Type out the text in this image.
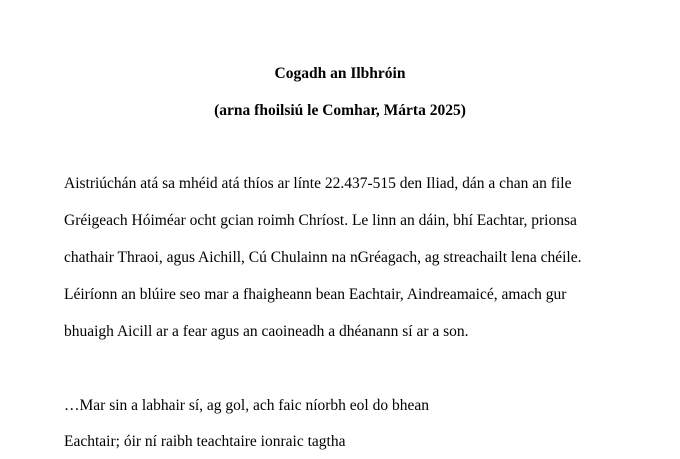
Cogadh an Ilbhróin
(arna fhoilsiú le Comhar, Márta 2025)
Aistriúchán atá sa mhéid atá thíos ar línte 22.437-515 den Iliad, dán a chan an file
Gréigeach Hóiméar ocht gcian roimh Chríost. Le linn an dáin, bhí Eachtar, prionsa
chathair Thraoi, agus Aichill, Cú Chulainn na nGréagach, ag streachailt lena chéile.
Léiríonn an blúire seo mar a fhaigheann bean Eachtair, Aindreamaicé, amach gur
bhuaigh Aicill ar a fear agus an caoineadh a dhéanann sí ar a son.
…Mar sin a labhair sí, ag gol, ach faic níorbh eol do bhean
Eachtair; óir ní raibh teachtaire ionraic tagtha
